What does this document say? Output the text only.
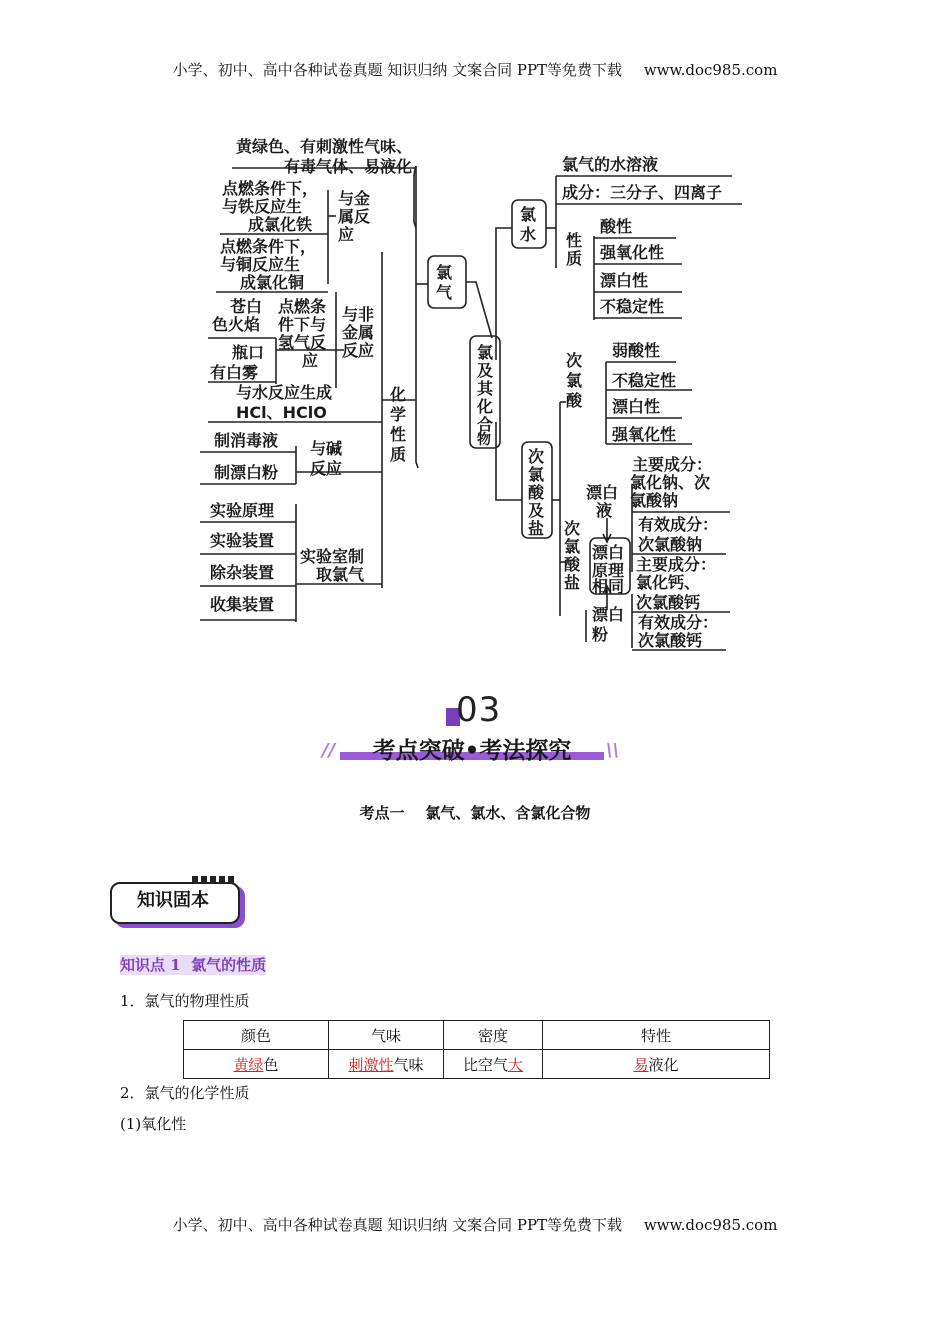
小学、初中、高中各种试卷真题 知识归纳 文案合同 PPT等免费下载 www.doc985.com
黄绿色、有刺激性气味、
有毒气体、易液化
点燃条件下，
与铁反应生
成氯化铁
与金
属反
应
点燃条件下，
与铜反应生
成氯化铜
苍白
色火焰
点燃条
件下与
氢气反
应
与非
金属
反应
瓶口
有白雾
与水反应生成
HCl、HClO
化
学
性
质
制消毒液
制漂白粉
与碱
反应
实验原理
实验装置
除杂装置
收集装置
实验室制
取氯气
氯
气
氯
及
其
化
合
物
氯
水
氯气的水溶液
成分：三分子、四离子
性
质
酸性
强氧化性
漂白性
不稳定性
次
氯
酸
及
盐
次
氯
酸
弱酸性
不稳定性
漂白性
强氧化性
次
氯
酸
盐
漂白
液
主要成分：
氯化钠、次
氯酸钠
有效成分：
次氯酸钠
漂白
原理
相同
漂白
粉
主要成分：
氯化钙、
次氯酸钙
有效成分：
次氯酸钙
03
//	考点突破•考法探究	\\
考点一    氯气、氯水、含氯化合物
知识固本
知识点 1  氯气的性质
1．氯气的物理性质
颜色	气味	密度	特性
黄绿色	刺激性气味	比空气大	易液化
2．氯气的化学性质
(1)氧化性
小学、初中、高中各种试卷真题 知识归纳 文案合同 PPT等免费下载 www.doc985.com
